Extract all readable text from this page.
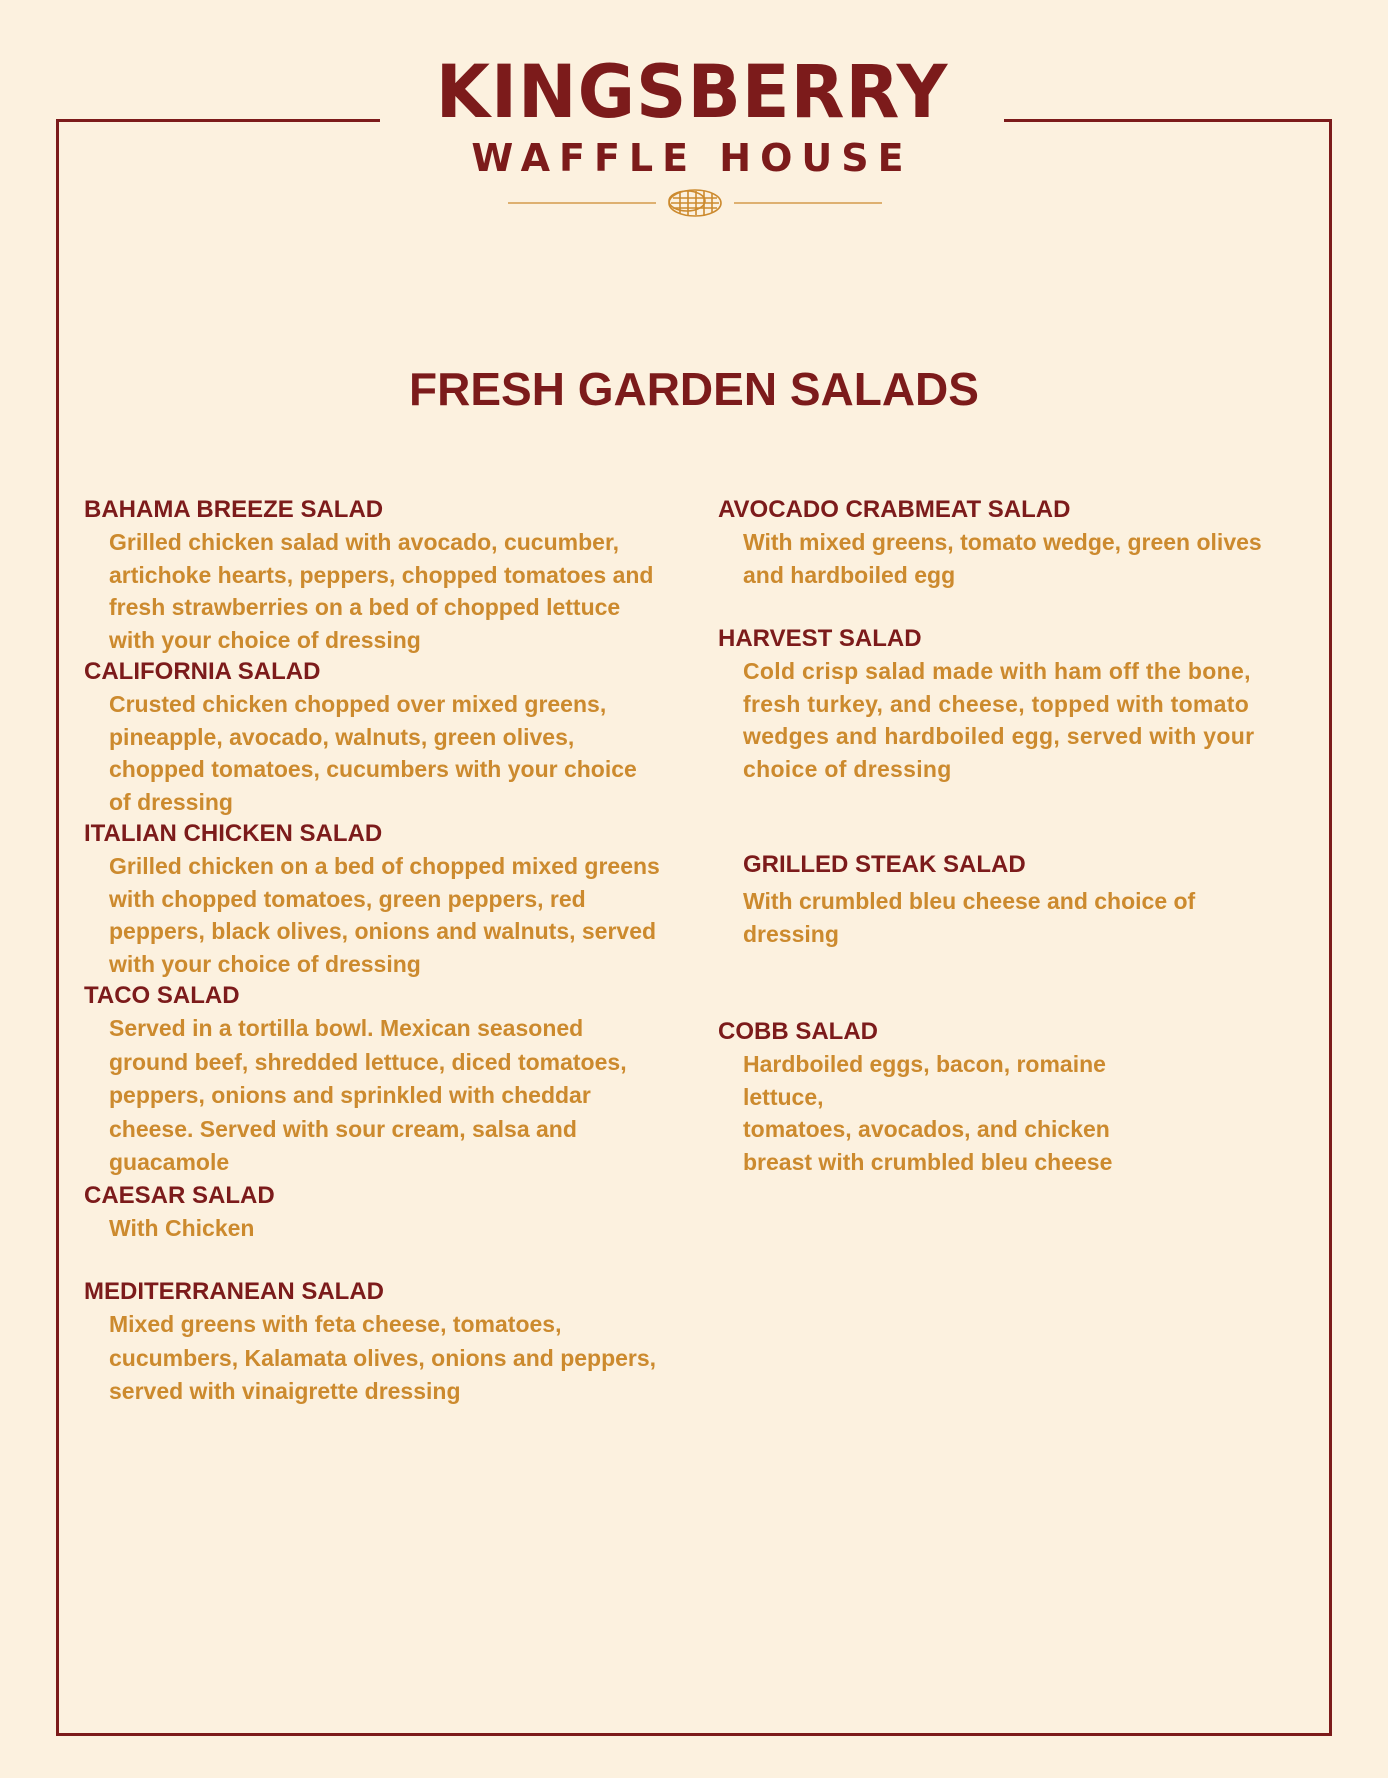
KINGSBERRY
WAFFLE HOUSE
FRESH GARDEN SALADS
BAHAMA BREEZE SALAD
Grilled chicken salad with avocado, cucumber,
artichoke hearts, peppers, chopped tomatoes and
fresh strawberries on a bed of chopped lettuce
with your choice of dressing
CALIFORNIA SALAD
Crusted chicken chopped over mixed greens,
pineapple, avocado, walnuts, green olives,
chopped tomatoes, cucumbers with your choice
of dressing
ITALIAN CHICKEN SALAD
Grilled chicken on a bed of chopped mixed greens
with chopped tomatoes, green peppers, red
peppers, black olives, onions and walnuts, served
with your choice of dressing
TACO SALAD
Served in a tortilla bowl. Mexican seasoned
ground beef, shredded lettuce, diced tomatoes,
peppers, onions and sprinkled with cheddar
cheese. Served with sour cream, salsa and
guacamole
CAESAR SALAD
With Chicken
MEDITERRANEAN SALAD
Mixed greens with feta cheese, tomatoes,
cucumbers, Kalamata olives, onions and peppers,
served with vinaigrette dressing
AVOCADO CRABMEAT SALAD
With mixed greens, tomato wedge, green olives
and hardboiled egg
HARVEST SALAD
Cold crisp salad made with ham off the bone,
fresh turkey, and cheese, topped with tomato
wedges and hardboiled egg, served with your
choice of dressing
GRILLED STEAK SALAD
With crumbled bleu cheese and choice of
dressing
COBB SALAD
Hardboiled eggs, bacon, romaine
lettuce,
tomatoes, avocados, and chicken
breast with crumbled bleu cheese
